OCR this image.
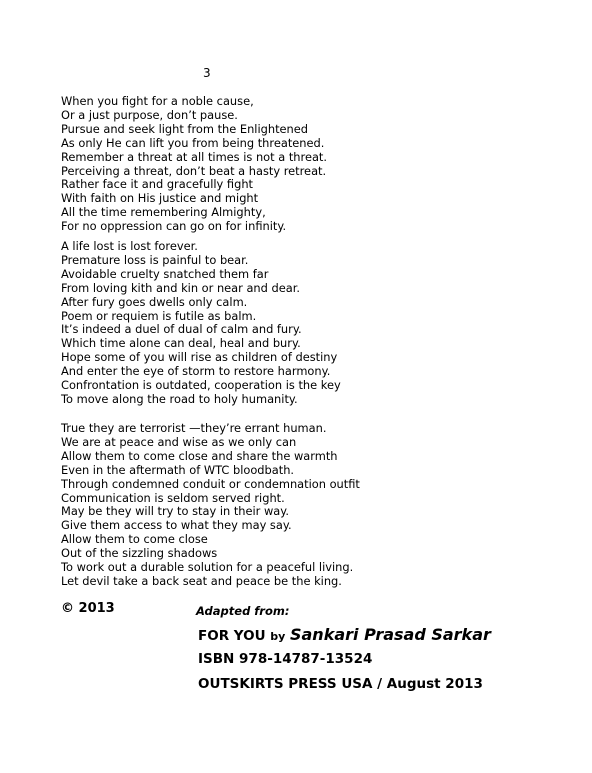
3
When you fight for a noble cause,
Or a just purpose, don’t pause.
Pursue and seek light from the Enlightened
As only He can lift you from being threatened.
Remember a threat at all times is not a threat.
Perceiving a threat, don’t beat a hasty retreat.
Rather face it and gracefully fight
With faith on His justice and might
All the time remembering Almighty,
For no oppression can go on for infinity.
A life lost is lost forever.
Premature loss is painful to bear.
Avoidable cruelty snatched them far
From loving kith and kin or near and dear.
After fury goes dwells only calm.
Poem or requiem is futile as balm.
It’s indeed a duel of dual of calm and fury.
Which time alone can deal, heal and bury.
Hope some of you will rise as children of destiny
And enter the eye of storm to restore harmony.
Confrontation is outdated, cooperation is the key
To move along the road to holy humanity.
True they are terrorist —they’re errant human.
We are at peace and wise as we only can
Allow them to come close and share the warmth
Even in the aftermath of WTC bloodbath.
Through condemned conduit or condemnation outfit
Communication is seldom served right.
May be they will try to stay in their way.
Give them access to what they may say.
Allow them to come close
Out of the sizzling shadows
To work out a durable solution for a peaceful living.
Let devil take a back seat and peace be the king.
© 2013	Adapted from:
FOR YOU by Sankari Prasad Sarkar
ISBN 978-14787-13524
OUTSKIRTS PRESS USA / August 2013
